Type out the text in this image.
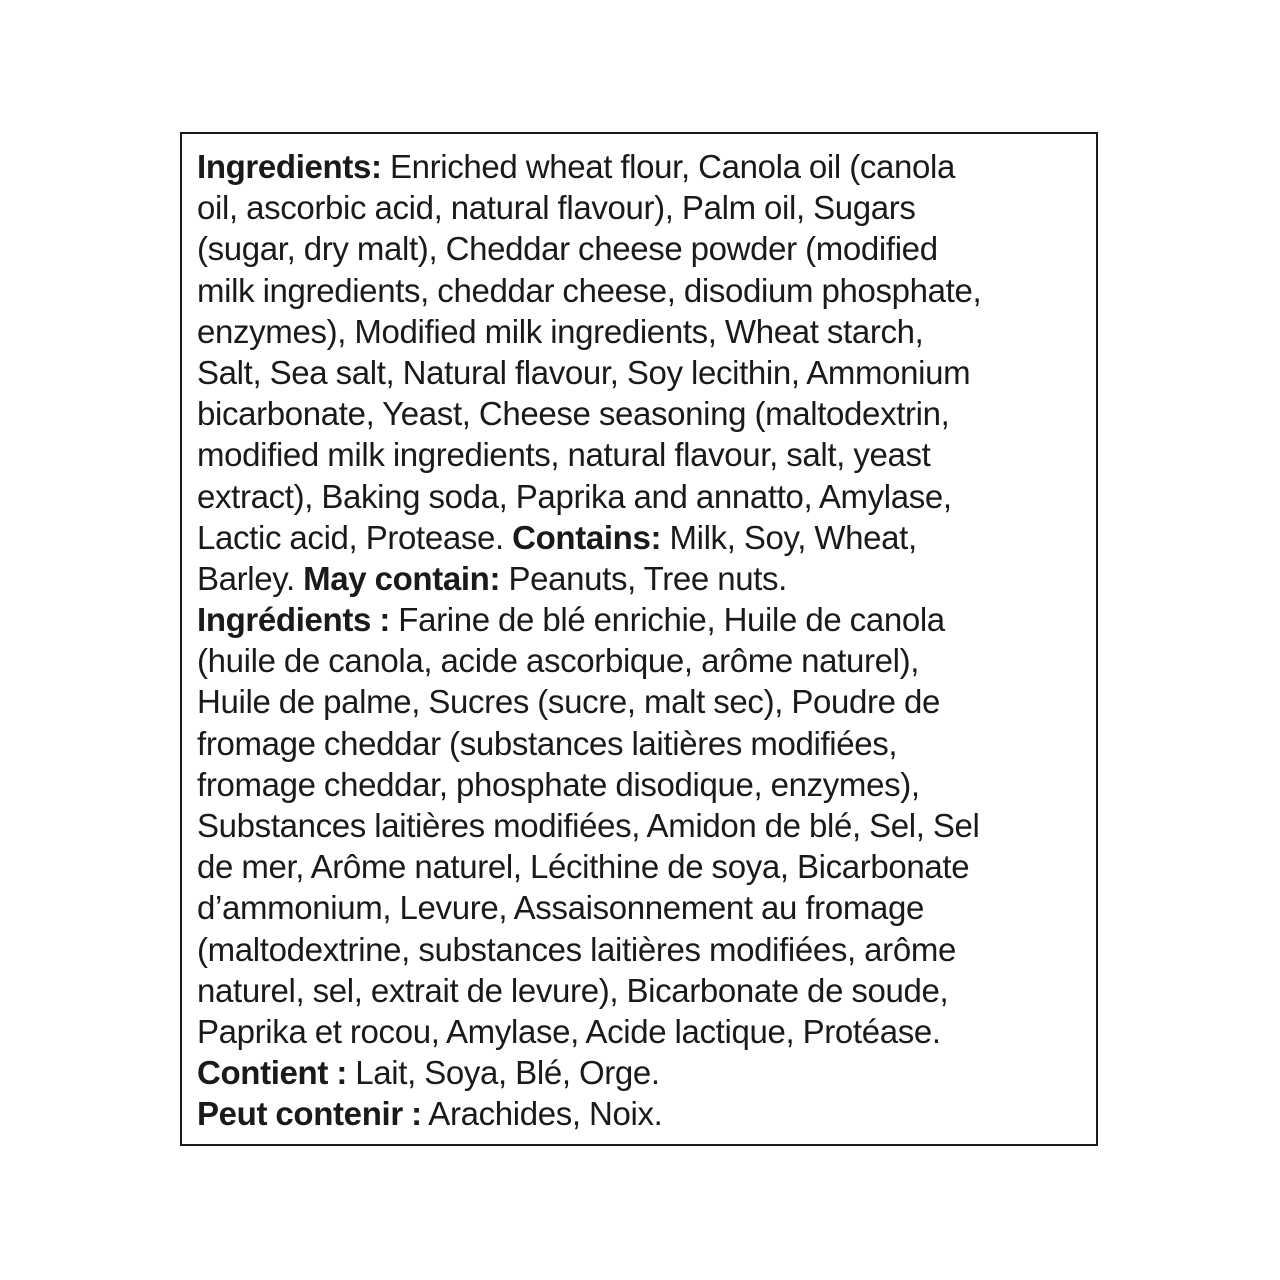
Ingredients: Enriched wheat flour, Canola oil (canola
oil, ascorbic acid, natural flavour), Palm oil, Sugars
(sugar, dry malt), Cheddar cheese powder (modified
milk ingredients, cheddar cheese, disodium phosphate,
enzymes), Modified milk ingredients, Wheat starch,
Salt, Sea salt, Natural flavour, Soy lecithin, Ammonium
bicarbonate, Yeast, Cheese seasoning (maltodextrin,
modified milk ingredients, natural flavour, salt, yeast
extract), Baking soda, Paprika and annatto, Amylase,
Lactic acid, Protease. Contains: Milk, Soy, Wheat,
Barley. May contain: Peanuts, Tree nuts.
Ingrédients : Farine de blé enrichie, Huile de canola
(huile de canola, acide ascorbique, arôme naturel),
Huile de palme, Sucres (sucre, malt sec), Poudre de
fromage cheddar (substances laitières modifiées,
fromage cheddar, phosphate disodique, enzymes),
Substances laitières modifiées, Amidon de blé, Sel, Sel
de mer, Arôme naturel, Lécithine de soya, Bicarbonate
d’ammonium, Levure, Assaisonnement au fromage
(maltodextrine, substances laitières modifiées, arôme
naturel, sel, extrait de levure), Bicarbonate de soude,
Paprika et rocou, Amylase, Acide lactique, Protéase.
Contient : Lait, Soya, Blé, Orge.
Peut contenir : Arachides, Noix.
